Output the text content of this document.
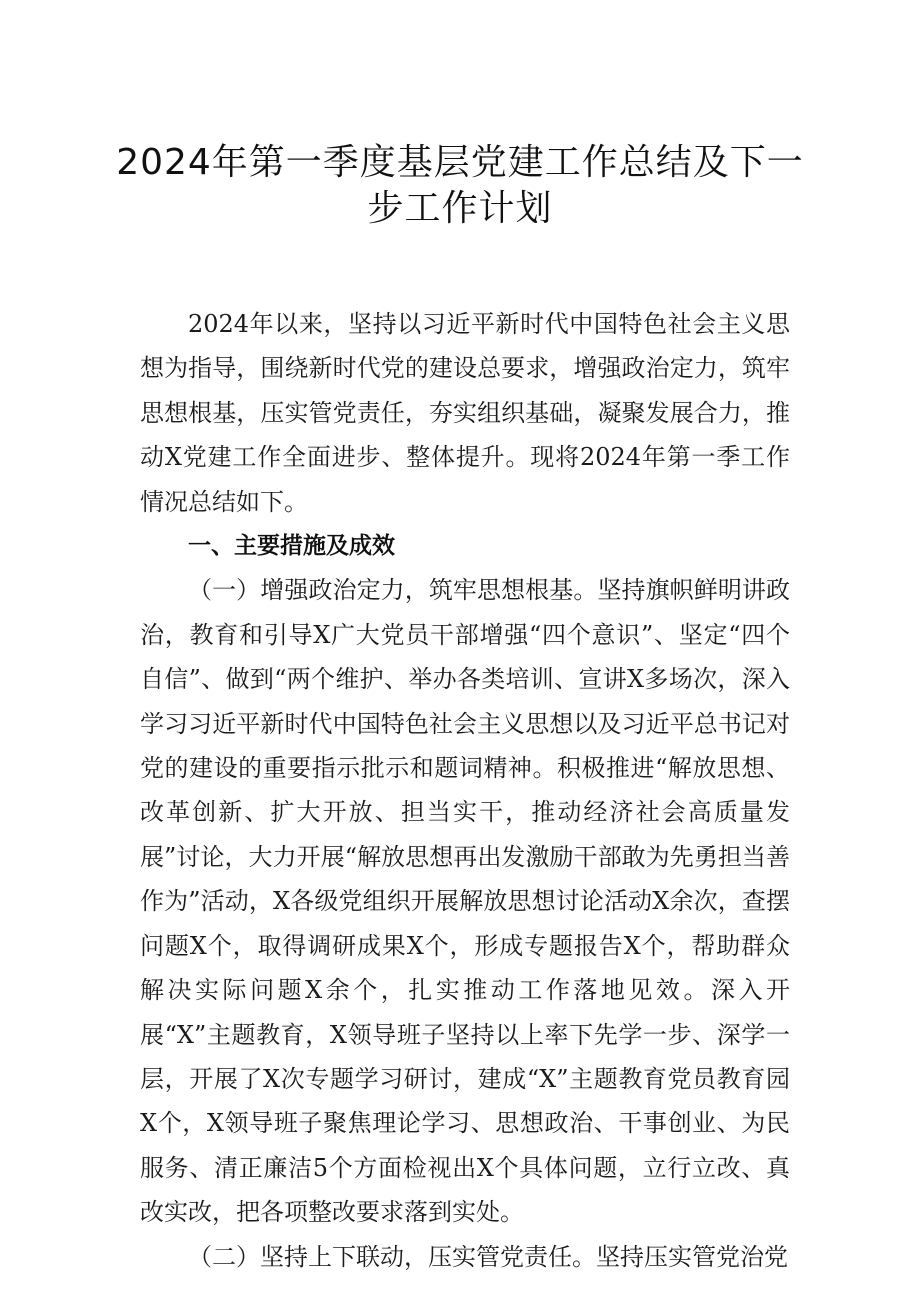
2024年第一季度基层党建工作总结及下一
步工作计划

2024年以来，坚持以习近平新时代中国特色社会主义思想为指导，围绕新时代党的建设总要求，增强政治定力，筑牢思想根基，压实管党责任，夯实组织基础，凝聚发展合力，推动X党建工作全面进步、整体提升。现将2024年第一季工作情况总结如下。

一、主要措施及成效

（一）增强政治定力，筑牢思想根基。坚持旗帜鲜明讲政治，教育和引导X广大党员干部增强“四个意识”、坚定“四个自信”、做到“两个维护、举办各类培训、宣讲X多场次，深入学习习近平新时代中国特色社会主义思想以及习近平总书记对党的建设的重要指示批示和题词精神。积极推进“解放思想、改革创新、扩大开放、担当实干，推动经济社会高质量发展”讨论，大力开展“解放思想再出发激励干部敢为先勇担当善作为”活动，X各级党组织开展解放思想讨论活动X余次，查摆问题X个，取得调研成果X个，形成专题报告X个，帮助群众解决实际问题X余个，扎实推动工作落地见效。深入开展“X”主题教育，X领导班子坚持以上率下先学一步、深学一层，开展了X次专题学习研讨，建成“X”主题教育党员教育园X个，X领导班子聚焦理论学习、思想政治、干事创业、为民服务、清正廉洁5个方面检视出X个具体问题，立行立改、真改实改，把各项整改要求落到实处。

（二）坚持上下联动，压实管党责任。坚持压实管党治党
